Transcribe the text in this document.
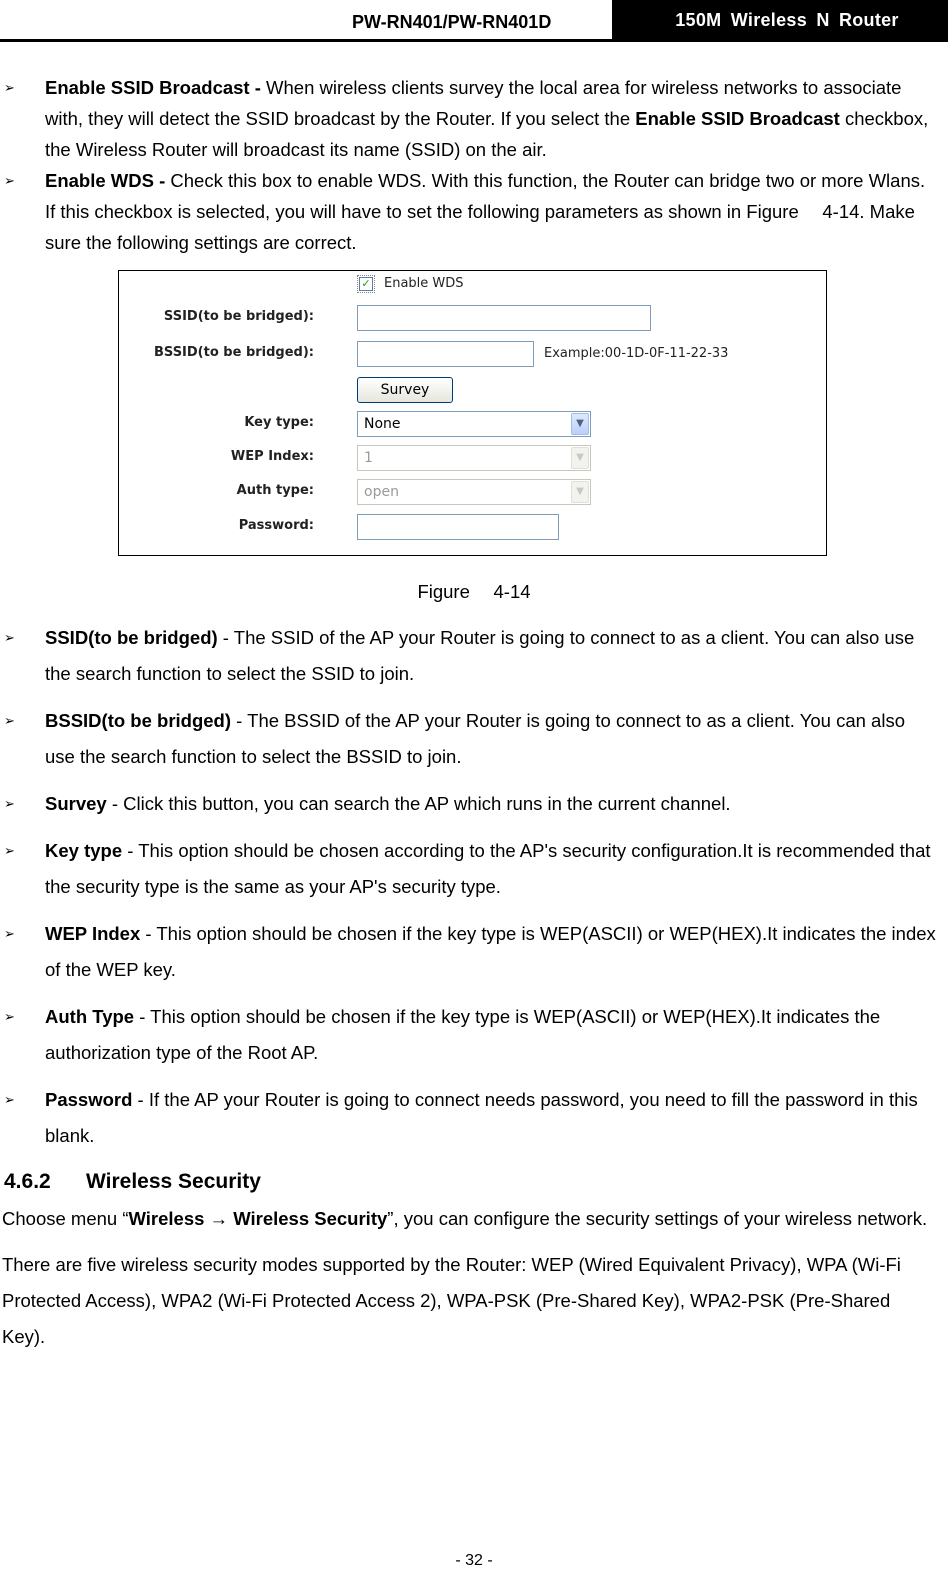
PW-RN401/PW-RN401D	150M Wireless N Router
➢ Enable SSID Broadcast - When wireless clients survey the local area for wireless networks to associate with, they will detect the SSID broadcast by the Router. If you select the Enable SSID Broadcast checkbox, the Wireless Router will broadcast its name (SSID) on the air.
➢ Enable WDS - Check this box to enable WDS. With this function, the Router can bridge two or more Wlans. If this checkbox is selected, you will have to set the following parameters as shown in Figure　 4-14. Make sure the following settings are correct.
✓ Enable WDS
SSID(to be bridged):
BSSID(to be bridged):	Example:00-1D-0F-11-22-33
Survey
Key type:	None	▼
WEP Index:	1	▼
Auth type:	open	▼
Password:
Figure　 4-14
➢ SSID(to be bridged) - The SSID of the AP your Router is going to connect to as a client. You can also use the search function to select the SSID to join.
➢ BSSID(to be bridged) - The BSSID of the AP your Router is going to connect to as a client. You can also use the search function to select the BSSID to join.
➢ Survey - Click this button, you can search the AP which runs in the current channel.
➢ Key type - This option should be chosen according to the AP's security configuration.It is recommended that the security type is the same as your AP's security type.
➢ WEP Index - This option should be chosen if the key type is WEP(ASCII) or WEP(HEX).It indicates the index of the WEP key.
➢ Auth Type - This option should be chosen if the key type is WEP(ASCII) or WEP(HEX).It indicates the authorization type of the Root AP.
➢ Password - If the AP your Router is going to connect needs password, you need to fill the password in this blank.
4.6.2 Wireless Security
Choose menu “Wireless → Wireless Security”, you can configure the security settings of your wireless network.
There are five wireless security modes supported by the Router: WEP (Wired Equivalent Privacy), WPA (Wi-Fi Protected Access), WPA2 (Wi-Fi Protected Access 2), WPA-PSK (Pre-Shared Key), WPA2-PSK (Pre-Shared Key).
- 32 -
